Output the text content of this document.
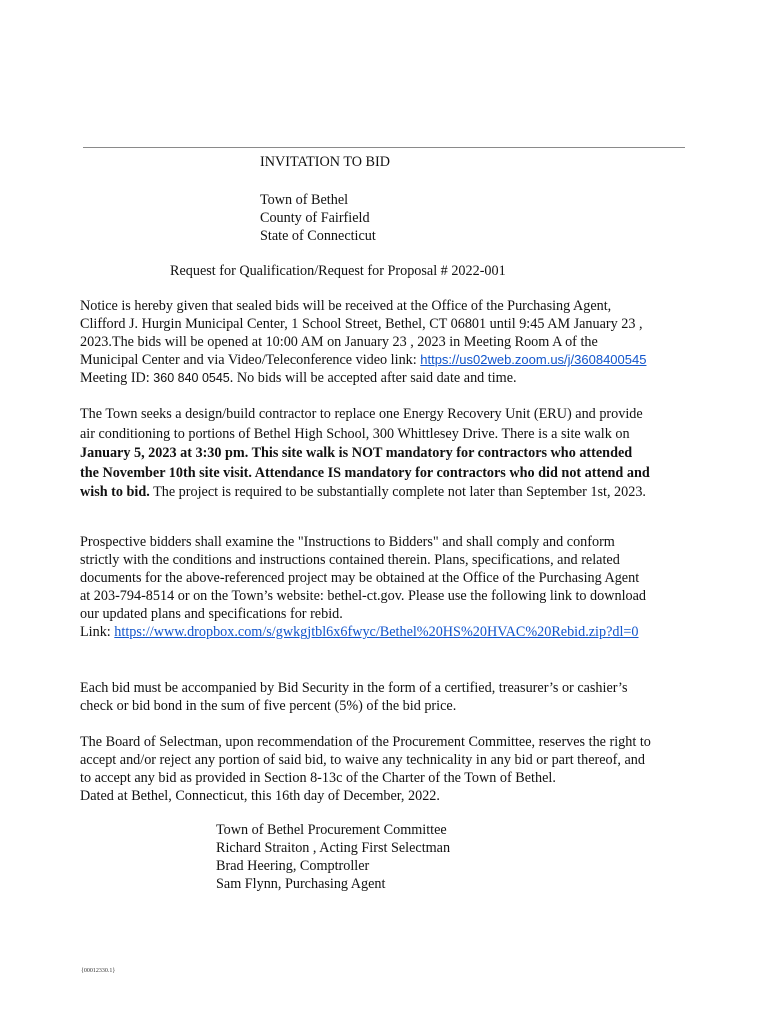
INVITATION TO BID
Town of Bethel
County of Fairfield
State of Connecticut
Request for Qualification/Request for Proposal # 2022-001
Notice is hereby given that sealed bids will be received at the Office of the Purchasing Agent,
Clifford J. Hurgin Municipal Center, 1 School Street, Bethel, CT 06801 until 9:45 AM January 23 ,
2023.The bids will be opened at 10:00 AM on January 23 , 2023 in Meeting Room A of the
Municipal Center and via Video/Teleconference video link: https://us02web.zoom.us/j/3608400545
Meeting ID: 360 840 0545. No bids will be accepted after said date and time.
The Town seeks a design/build contractor to replace one Energy Recovery Unit (ERU) and provide
air conditioning to portions of Bethel High School, 300 Whittlesey Drive. There is a site walk on
January 5, 2023 at 3:30 pm. This site walk is NOT mandatory for contractors who attended
the November 10th site visit. Attendance IS mandatory for contractors who did not attend and
wish to bid. The project is required to be substantially complete not later than September 1st, 2023.
Prospective bidders shall examine the "Instructions to Bidders" and shall comply and conform
strictly with the conditions and instructions contained therein. Plans, specifications, and related
documents for the above-referenced project may be obtained at the Office of the Purchasing Agent
at 203-794-8514 or on the Town’s website: bethel-ct.gov. Please use the following link to download
our updated plans and specifications for rebid.
Link: https://www.dropbox.com/s/gwkgjtbl6x6fwyc/Bethel%20HS%20HVAC%20Rebid.zip?dl=0
Each bid must be accompanied by Bid Security in the form of a certified, treasurer’s or cashier’s
check or bid bond in the sum of five percent (5%) of the bid price.
The Board of Selectman, upon recommendation of the Procurement Committee, reserves the right to
accept and/or reject any portion of said bid, to waive any technicality in any bid or part thereof, and
to accept any bid as provided in Section 8-13c of the Charter of the Town of Bethel.
Dated at Bethel, Connecticut, this 16th day of December, 2022.
Town of Bethel Procurement Committee
Richard Straiton , Acting First Selectman
Brad Heering, Comptroller
Sam Flynn, Purchasing Agent
{00012330.1}
